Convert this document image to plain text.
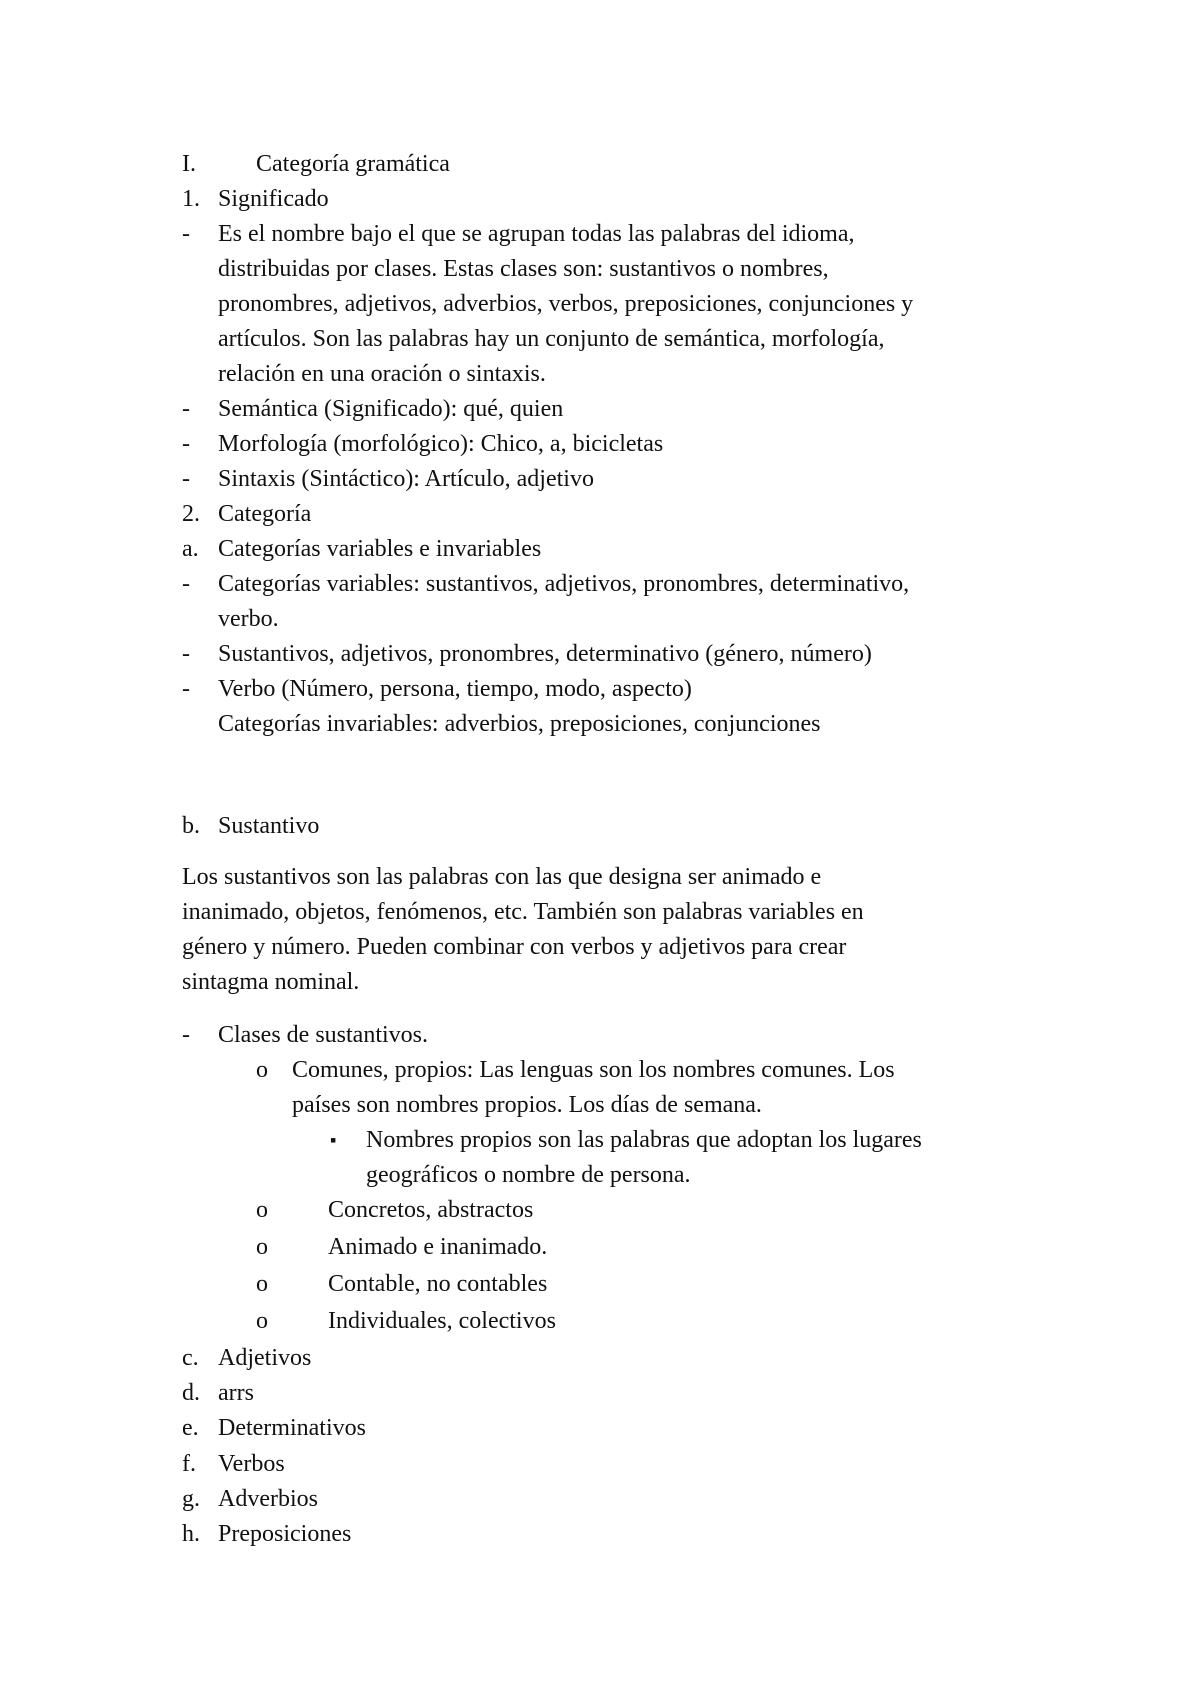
I.	Categoría gramática
1. Significado
- Es el nombre bajo el que se agrupan todas las palabras del idioma,
distribuidas por clases. Estas clases son: sustantivos o nombres,
pronombres, adjetivos, adverbios, verbos, preposiciones, conjunciones y
artículos. Son las palabras hay un conjunto de semántica, morfología,
relación en una oración o sintaxis.
- Semántica (Significado): qué, quien
- Morfología (morfológico): Chico, a, bicicletas
- Sintaxis (Sintáctico): Artículo, adjetivo
2. Categoría
a. Categorías variables e invariables
- Categorías variables: sustantivos, adjetivos, pronombres, determinativo,
verbo.
- Sustantivos, adjetivos, pronombres, determinativo (género, número)
- Verbo (Número, persona, tiempo, modo, aspecto)
Categorías invariables: adverbios, preposiciones, conjunciones
b. Sustantivo
Los sustantivos son las palabras con las que designa ser animado e
inanimado, objetos, fenómenos, etc. También son palabras variables en
género y número. Pueden combinar con verbos y adjetivos para crear
sintagma nominal.
- Clases de sustantivos.
o Comunes, propios: Las lenguas son los nombres comunes. Los
países son nombres propios. Los días de semana.
▪ Nombres propios son las palabras que adoptan los lugares
geográficos o nombre de persona.
o	Concretos, abstractos
o	Animado e inanimado.
o	Contable, no contables
o	Individuales, colectivos
c. Adjetivos
d. arrs
e. Determinativos
f. Verbos
g. Adverbios
h. Preposiciones
